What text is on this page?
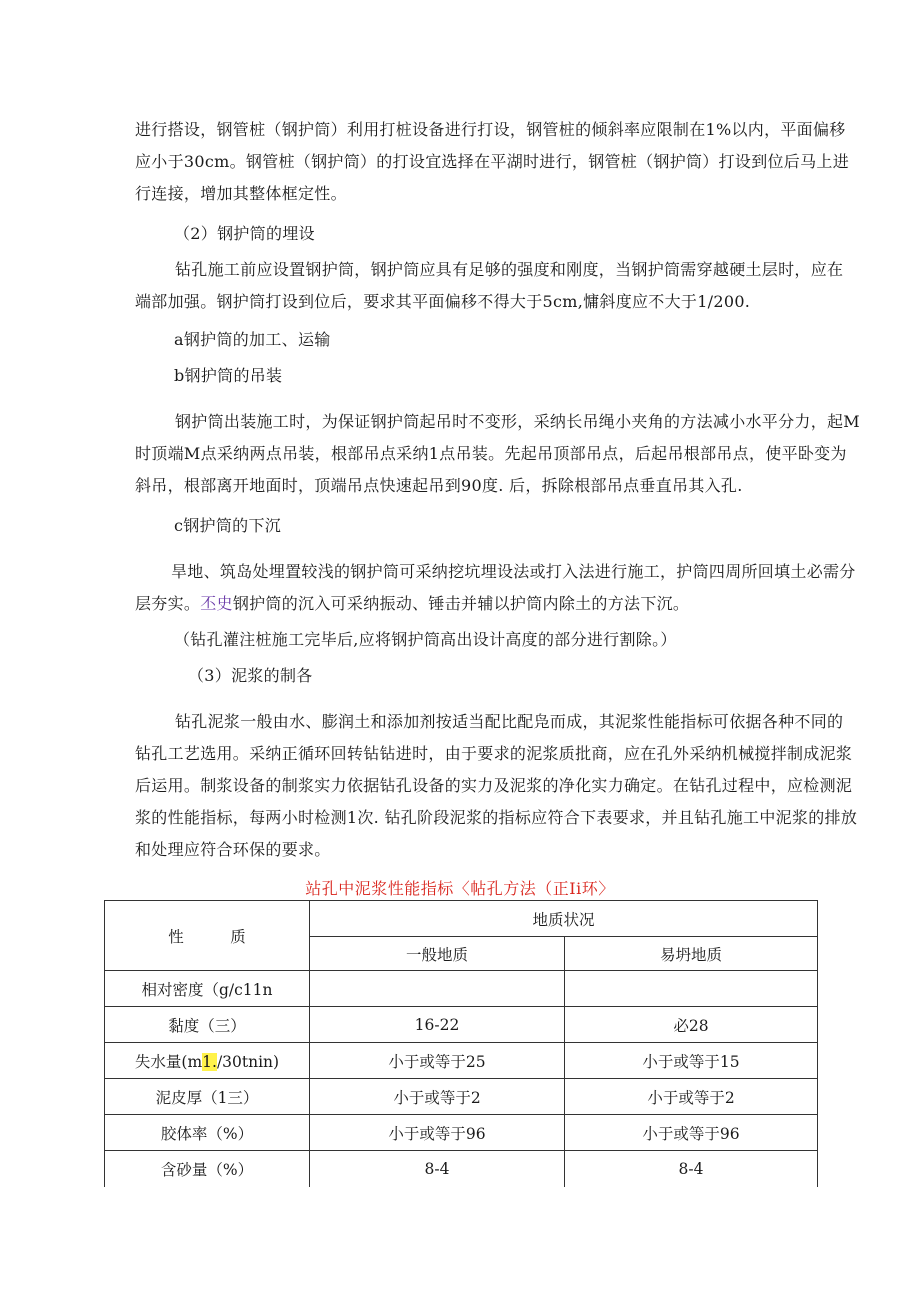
进行搭设，钢管桩（钢护筒）利用打桩设备进行打设，钢管桩的倾斜率应限制在1%以内，平面偏移
应小于30cm。钢管桩（钢护筒）的打设宜选择在平湖时进行，钢管桩（钢护筒）打设到位后马上进
行连接，增加其整体框定性。
（2）钢护筒的埋设
钻孔施工前应设置钢护筒，钢护筒应具有足够的强度和刚度，当钢护筒需穿越硬土层时，应在
端部加强。钢护筒打设到位后，要求其平面偏移不得大于5cm,慵斜度应不大于1/200.
a钢护筒的加工、运输
b钢护筒的吊装
钢护筒出装施工时，为保证钢护筒起吊时不变形，采纳长吊绳小夹角的方法减小水平分力，起M
时顶端M点采纳两点吊装，根部吊点采纳1点吊装。先起吊顶部吊点，后起吊根部吊点，使平卧变为
斜吊，根部离开地面时，顶端吊点快速起吊到90度. 后，拆除根部吊点垂直吊其入孔.
c钢护筒的下沉
旱地、筑岛处埋置较浅的钢护筒可采纳挖坑埋设法或打入法进行施工，护筒四周所回填土必需分
层夯实。丕史钢护筒的沉入可采纳振动、锤击并辅以护筒内除土的方法下沉。
（钻孔灌注桩施工完毕后,应将钢护筒高出设计高度的部分进行割除。）
（3）泥浆的制各
钻孔泥浆一般由水、膨润土和添加剂按适当配比配凫而成，其泥浆性能指标可依据各种不同的
钻孔工艺选用。采纳正循环回转钻钻进时，由于要求的泥浆质批商，应在孔外采纳机械搅拌制成泥浆
后运用。制浆设备的制浆实力依据钻孔设备的实力及泥浆的净化实力确定。在钻孔过程中，应检测泥
浆的性能指标，每两小时检测1次. 钻孔阶段泥浆的指标应符合下表要求，并且钻孔施工中泥浆的排放
和处理应符合环保的要求。
站孔中泥浆性能指标〈帖孔方法（正Ii环〉
性　　　质	地质状况	
	一般地质	易坍地质
相对密度（g/c11n		
黏度（三）	16-22	必28
失水量(m1./30tnin)	小于或等于25	小于或等于15
泥皮厚（1三）	小于或等于2	小于或等于2
胶体率（%）	小于或等于96	小于或等于96
含砂量（%）	8-4	8-4
